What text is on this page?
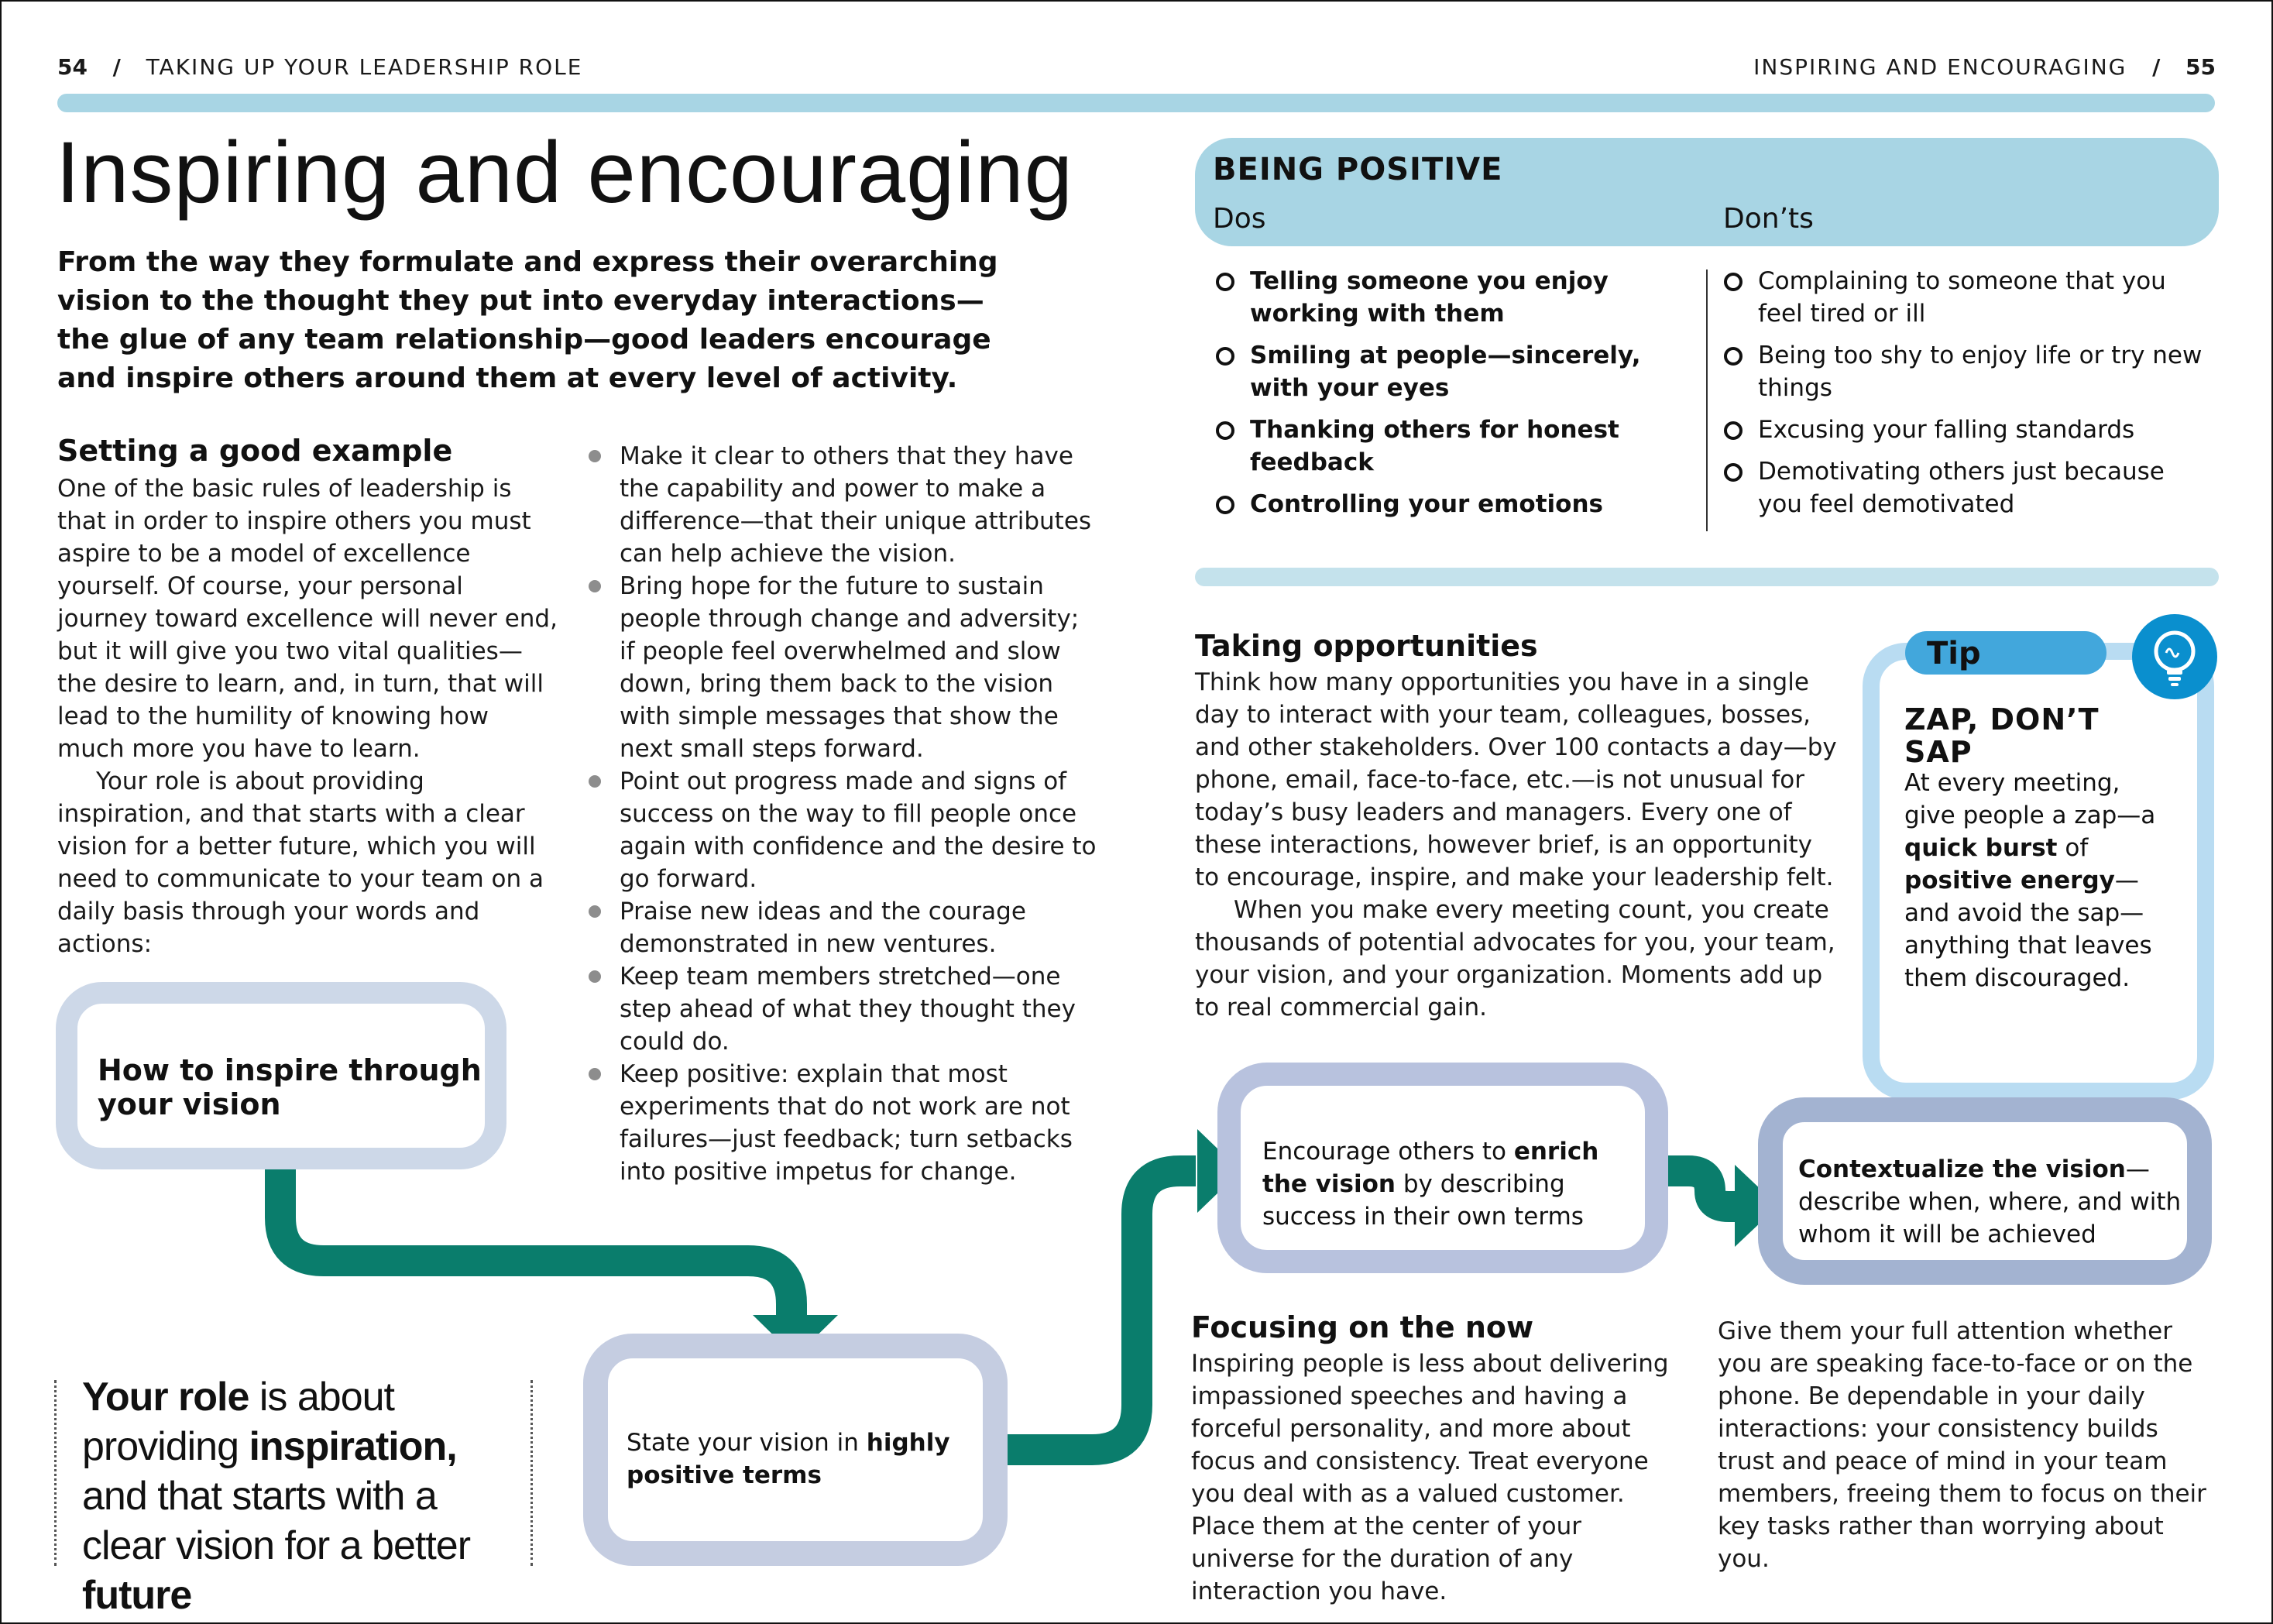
54 / TAKING UP YOUR LEADERSHIP ROLE	INSPIRING AND ENCOURAGING / 55
Inspiring and encouraging
From the way they formulate and express their overarching vision to the thought they put into everyday interactions—the glue of any team relationship—good leaders encourage and inspire others around them at every level of activity.
Setting a good example

One of the basic rules of leadership is that in order to inspire others you must aspire to be a model of excellence yourself. Of course, your personal journey toward excellence will never end, but it will give you two vital qualities—the desire to learn, and, in turn, that will lead to the humility of knowing how much more you have to learn.

Your role is about providing inspiration, and that starts with a clear vision for a better future, which you will need to communicate to your team on a daily basis through your words and actions:

Make it clear to others that they have the capability and power to make a difference—that their unique attributes can help achieve the vision.
Bring hope for the future to sustain people through change and adversity; if people feel overwhelmed and slow down, bring them back to the vision with simple messages that show the next small steps forward.
Point out progress made and signs of success on the way to fill people once again with confidence and the desire to go forward.
Praise new ideas and the courage demonstrated in new ventures.
Keep team members stretched—one step ahead of what they thought they could do.
Keep positive: explain that most experiments that do not work are not failures—just feedback; turn setbacks into positive impetus for change.
BEING POSITIVE
Dos	Don’ts
Telling someone you enjoy working with them
Smiling at people—sincerely, with your eyes
Thanking others for honest feedback
Controlling your emotions
Complaining to someone that you feel tired or ill
Being too shy to enjoy life or try new things
Excusing your falling standards
Demotivating others just because you feel demotivated
Taking opportunities

Think how many opportunities you have in a single day to interact with your team, colleagues, bosses, and other stakeholders. Over 100 contacts a day—by phone, email, face-to-face, etc.—is not unusual for today’s busy leaders and managers. Every one of these interactions, however brief, is an opportunity to encourage, inspire, and make your leadership felt.

When you make every meeting count, you create thousands of potential advocates for you, your team, your vision, and your organization. Moments add up to real commercial gain.

Tip
ZAP, DON’T SAP
At every meeting, give people a zap—a quick burst of positive energy—and avoid the sap—anything that leaves them discouraged.
How to inspire through your vision
State your vision in highly positive terms
Encourage others to enrich the vision by describing success in their own terms
Contextualize the vision—describe when, where, and with whom it will be achieved
Your role is about providing inspiration, and that starts with a clear vision for a better future
Focusing on the now
Inspiring people is less about delivering impassioned speeches and having a forceful personality, and more about focus and consistency. Treat everyone you deal with as a valued customer. Place them at the center of your universe for the duration of any interaction you have.
Give them your full attention whether you are speaking face-to-face or on the phone. Be dependable in your daily interactions: your consistency builds trust and peace of mind in your team members, freeing them to focus on their key tasks rather than worrying about you.
